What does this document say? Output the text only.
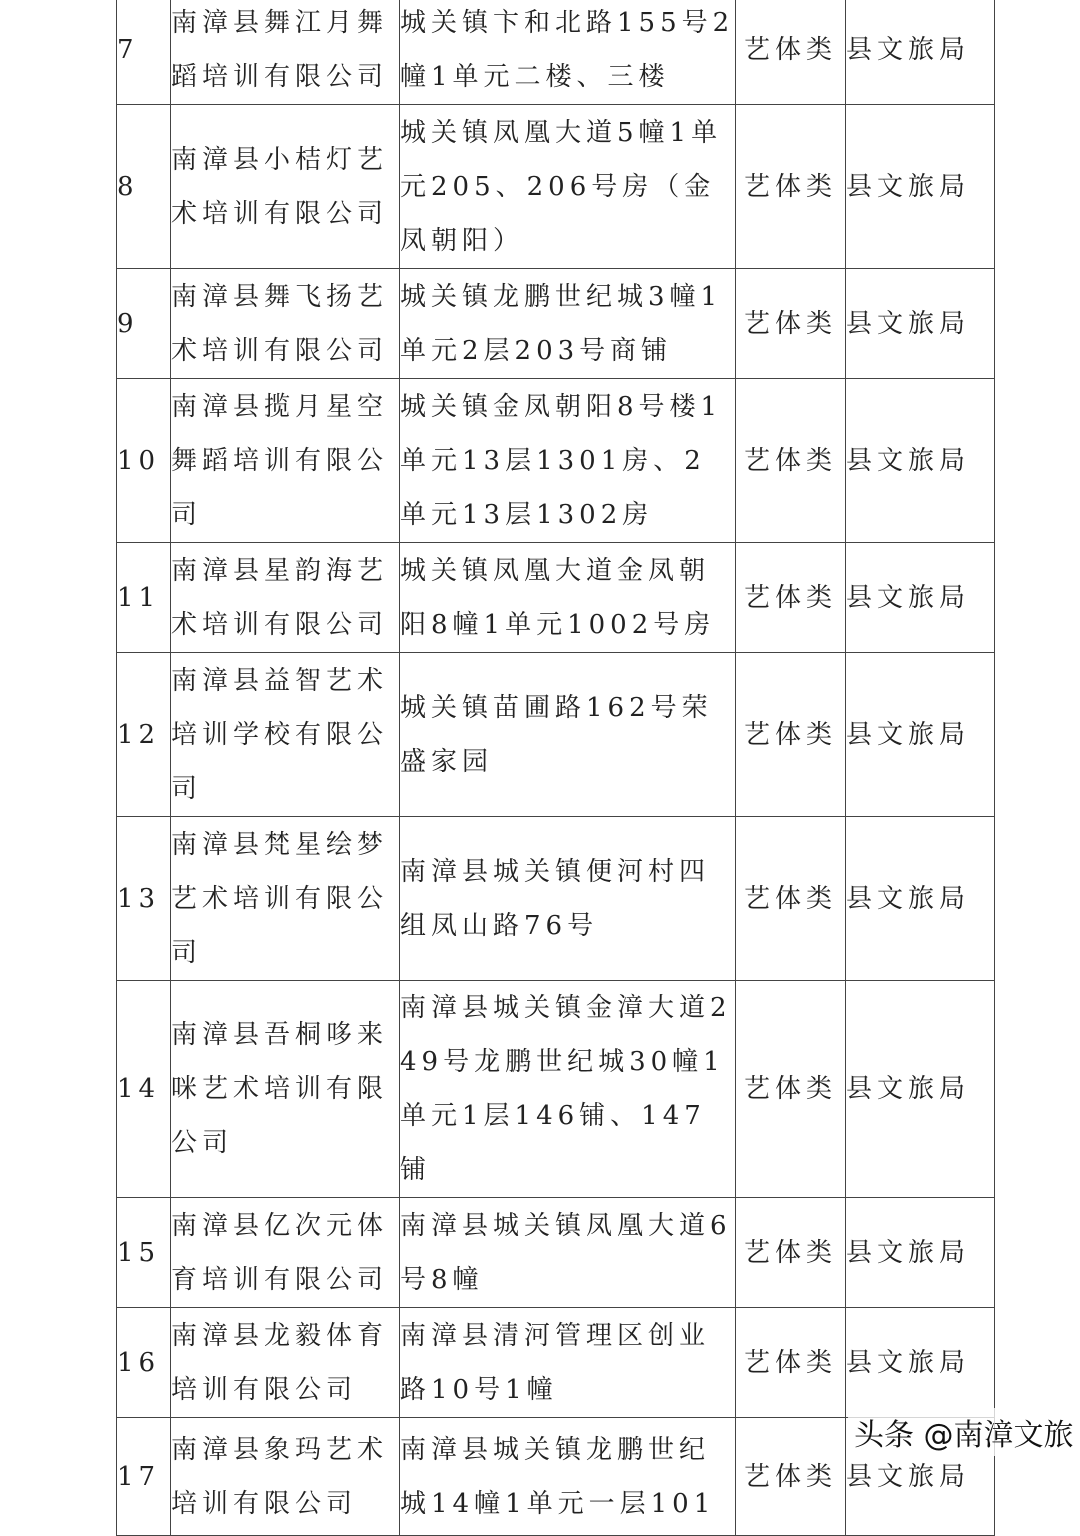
7	南漳县舞江月舞蹈培训有限公司	城关镇卞和北路155号2幢1单元二楼、三楼	艺体类	县文旅局
8	南漳县小桔灯艺术培训有限公司	城关镇凤凰大道5幢1单元205、206号房（金凤朝阳）	艺体类	县文旅局
9	南漳县舞飞扬艺术培训有限公司	城关镇龙鹏世纪城3幢1单元2层203号商铺	艺体类	县文旅局
10	南漳县揽月星空舞蹈培训有限公司	城关镇金凤朝阳8号楼1单元13层1301房、2单元13层1302房	艺体类	县文旅局
11	南漳县星韵海艺术培训有限公司	城关镇凤凰大道金凤朝阳8幢1单元1002号房	艺体类	县文旅局
12	南漳县益智艺术培训学校有限公司	城关镇苗圃路162号荣盛家园	艺体类	县文旅局
13	南漳县梵星绘梦艺术培训有限公司	南漳县城关镇便河村四组凤山路76号	艺体类	县文旅局
14	南漳县吾桐哆来咪艺术培训有限公司	南漳县城关镇金漳大道249号龙鹏世纪城30幢1单元1层146铺、147铺	艺体类	县文旅局
15	南漳县亿次元体育培训有限公司	南漳县城关镇凤凰大道6号8幢	艺体类	县文旅局
16	南漳县龙毅体育培训有限公司	南漳县清河管理区创业路10号1幢	艺体类	县文旅局
17	南漳县象玛艺术培训有限公司	南漳县城关镇龙鹏世纪城14幢1单元一层101	艺体类	县文旅局
头条 @南漳文旅
